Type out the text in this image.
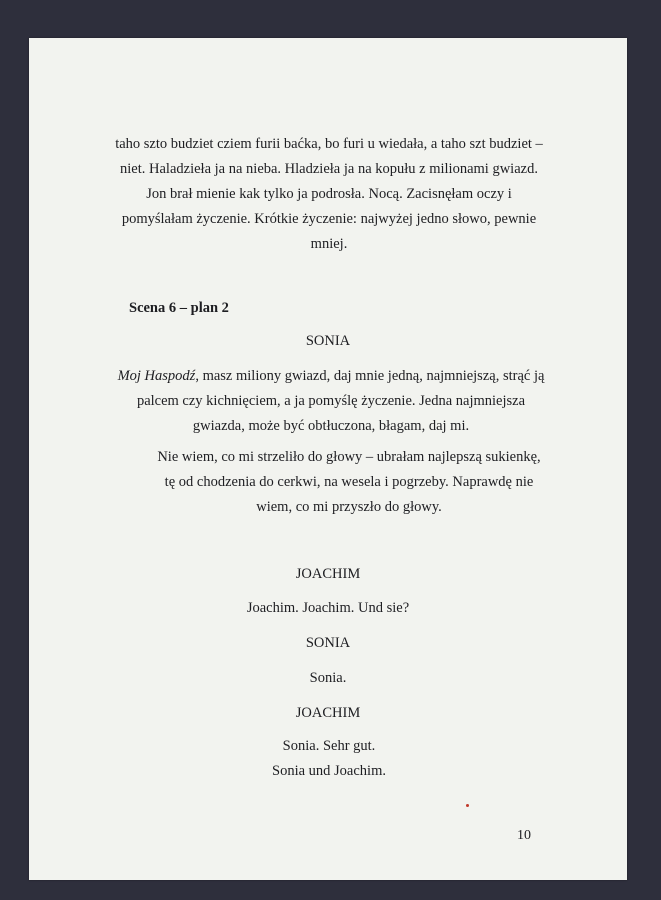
taho szto budziet cziem furii baćka, bo furi u wiedała, a taho szt budziet –
niet. Haladzieła ja na nieba. Hladzieła ja na kopułu z milionami gwiazd.
Jon brał mienie kak tylko ja podrosła. Nocą. Zacisnęłam oczy i
pomyślałam życzenie. Krótkie życzenie: najwyżej jedno słowo, pewnie
mniej.
Scena 6 – plan 2
SONIA
Moj Haspodź, masz miliony gwiazd, daj mnie jedną, najmniejszą, strąć ją
palcem czy kichnięciem, a ja pomyślę życzenie. Jedna najmniejsza
gwiazda, może być obtłuczona, błagam, daj mi.
Nie wiem, co mi strzeliło do głowy – ubrałam najlepszą sukienkę,
tę od chodzenia do cerkwi, na wesela i pogrzeby. Naprawdę nie
wiem, co mi przyszło do głowy.
JOACHIM
Joachim. Joachim. Und sie?
SONIA
Sonia.
JOACHIM
Sonia. Sehr gut.
Sonia und Joachim.
10
